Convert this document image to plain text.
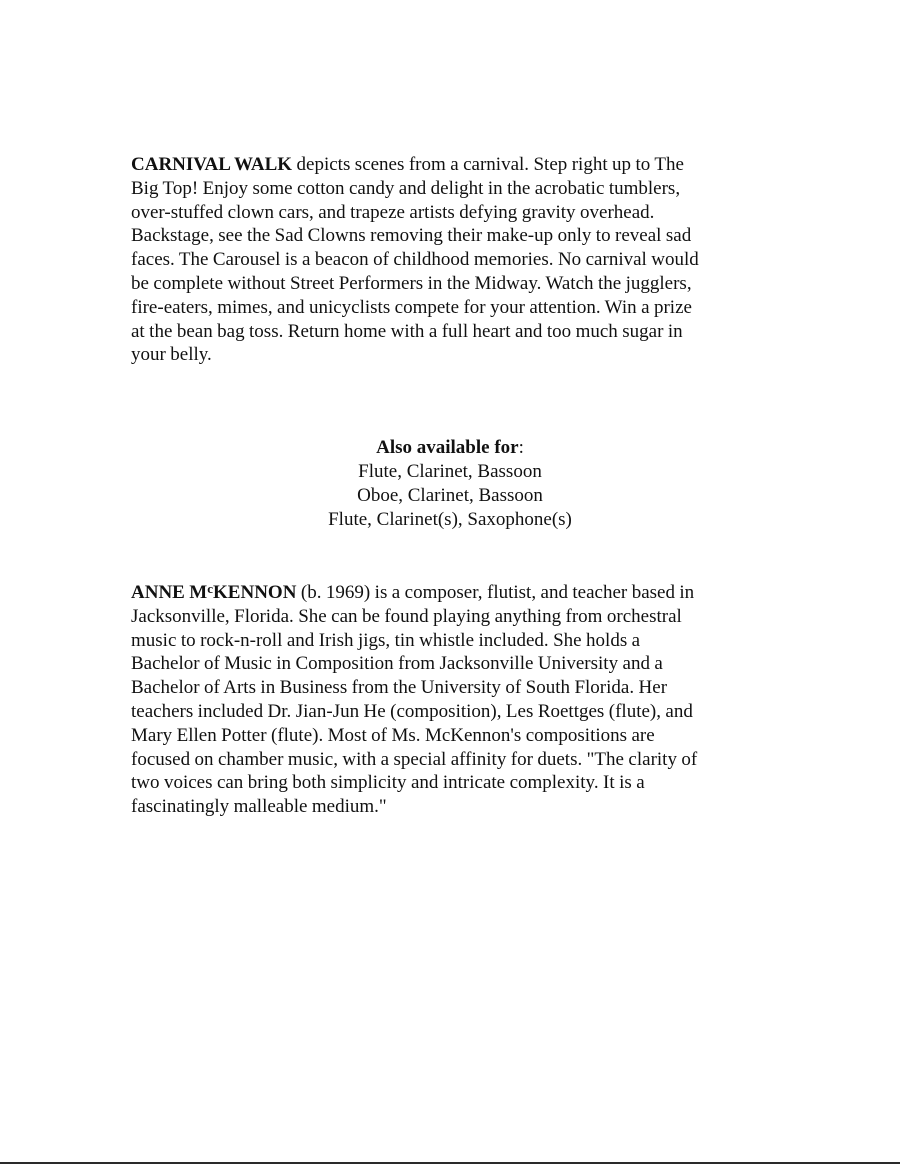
CARNIVAL WALK depicts scenes from a carnival. Step right up to The
Big Top! Enjoy some cotton candy and delight in the acrobatic tumblers,
over-stuffed clown cars, and trapeze artists defying gravity overhead.
Backstage, see the Sad Clowns removing their make-up only to reveal sad
faces. The Carousel is a beacon of childhood memories. No carnival would
be complete without Street Performers in the Midway. Watch the jugglers,
fire-eaters, mimes, and unicyclists compete for your attention. Win a prize
at the bean bag toss. Return home with a full heart and too much sugar in
your belly.

Also available for:
Flute, Clarinet, Bassoon
Oboe, Clarinet, Bassoon
Flute, Clarinet(s), Saxophone(s)

ANNE $M^cKENNON$ (b. 1969) is a composer, flutist, and teacher based in
Jacksonville, Florida. She can be found playing anything from orchestral
music to rock-n-roll and Irish jigs, tin whistle included. She holds a
Bachelor of Music in Composition from Jacksonville University and a
Bachelor of Arts in Business from the University of South Florida. Her
teachers included Dr. Jian-Jun He (composition), Les Roettges (flute), and
Mary Ellen Potter (flute). Most of Ms. McKennon's compositions are
focused on chamber music, with a special affinity for duets. "The clarity of
two voices can bring both simplicity and intricate complexity. It is a
fascinatingly malleable medium."
